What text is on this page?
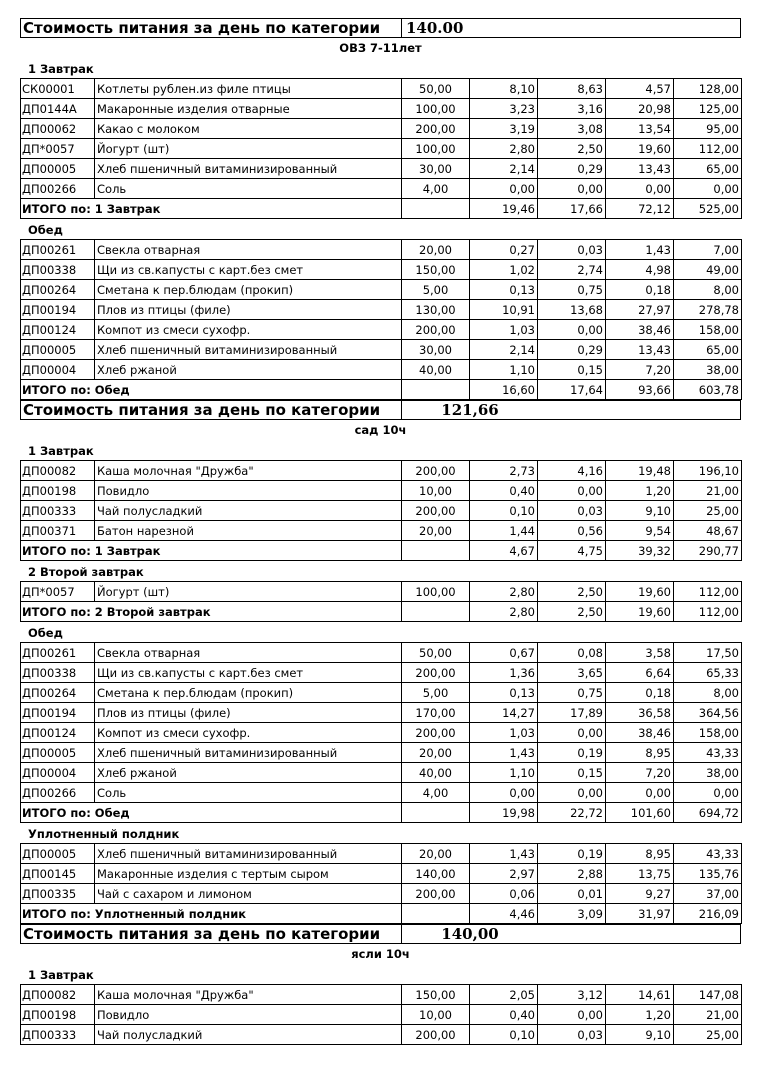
Стоимость питания за день по категории	140.00
ОВЗ 7-11лет
1 Завтрак
СК00001	Котлеты рублен.из филе птицы	50,00	8,10	8,63	4,57	128,00
ДП0144А	Макаронные изделия отварные	100,00	3,23	3,16	20,98	125,00
ДП00062	Какао с молоком	200,00	3,19	3,08	13,54	95,00
ДП*0057	Йогурт (шт)	100,00	2,80	2,50	19,60	112,00
ДП00005	Хлеб пшеничный витаминизированный	30,00	2,14	0,29	13,43	65,00
ДП00266	Соль	4,00	0,00	0,00	0,00	0,00
ИТОГО по: 1 Завтрак			19,46	17,66	72,12	525,00
Обед
ДП00261	Свекла отварная	20,00	0,27	0,03	1,43	7,00
ДП00338	Щи из св.капусты с карт.без смет	150,00	1,02	2,74	4,98	49,00
ДП00264	Сметана к пер.блюдам (прокип)	5,00	0,13	0,75	0,18	8,00
ДП00194	Плов из птицы (филе)	130,00	10,91	13,68	27,97	278,78
ДП00124	Компот из смеси сухофр.	200,00	1,03	0,00	38,46	158,00
ДП00005	Хлеб пшеничный витаминизированный	30,00	2,14	0,29	13,43	65,00
ДП00004	Хлеб ржаной	40,00	1,10	0,15	7,20	38,00
ИТОГО по: Обед			16,60	17,64	93,66	603,78
Стоимость питания за день по категории	121,66
сад 10ч
1 Завтрак
ДП00082	Каша молочная "Дружба"	200,00	2,73	4,16	19,48	196,10
ДП00198	Повидло	10,00	0,40	0,00	1,20	21,00
ДП00333	Чай полусладкий	200,00	0,10	0,03	9,10	25,00
ДП00371	Батон нарезной	20,00	1,44	0,56	9,54	48,67
ИТОГО по: 1 Завтрак			4,67	4,75	39,32	290,77
2 Второй завтрак
ДП*0057	Йогурт (шт)	100,00	2,80	2,50	19,60	112,00
ИТОГО по: 2 Второй завтрак			2,80	2,50	19,60	112,00
Обед
ДП00261	Свекла отварная	50,00	0,67	0,08	3,58	17,50
ДП00338	Щи из св.капусты с карт.без смет	200,00	1,36	3,65	6,64	65,33
ДП00264	Сметана к пер.блюдам (прокип)	5,00	0,13	0,75	0,18	8,00
ДП00194	Плов из птицы (филе)	170,00	14,27	17,89	36,58	364,56
ДП00124	Компот из смеси сухофр.	200,00	1,03	0,00	38,46	158,00
ДП00005	Хлеб пшеничный витаминизированный	20,00	1,43	0,19	8,95	43,33
ДП00004	Хлеб ржаной	40,00	1,10	0,15	7,20	38,00
ДП00266	Соль	4,00	0,00	0,00	0,00	0,00
ИТОГО по: Обед			19,98	22,72	101,60	694,72
Уплотненный полдник
ДП00005	Хлеб пшеничный витаминизированный	20,00	1,43	0,19	8,95	43,33
ДП00145	Макаронные изделия с тертым сыром	140,00	2,97	2,88	13,75	135,76
ДП00335	Чай с сахаром и лимоном	200,00	0,06	0,01	9,27	37,00
ИТОГО по: Уплотненный полдник			4,46	3,09	31,97	216,09
Стоимость питания за день по категории	140,00
ясли 10ч
1 Завтрак
ДП00082	Каша молочная "Дружба"	150,00	2,05	3,12	14,61	147,08
ДП00198	Повидло	10,00	0,40	0,00	1,20	21,00
ДП00333	Чай полусладкий	200,00	0,10	0,03	9,10	25,00
